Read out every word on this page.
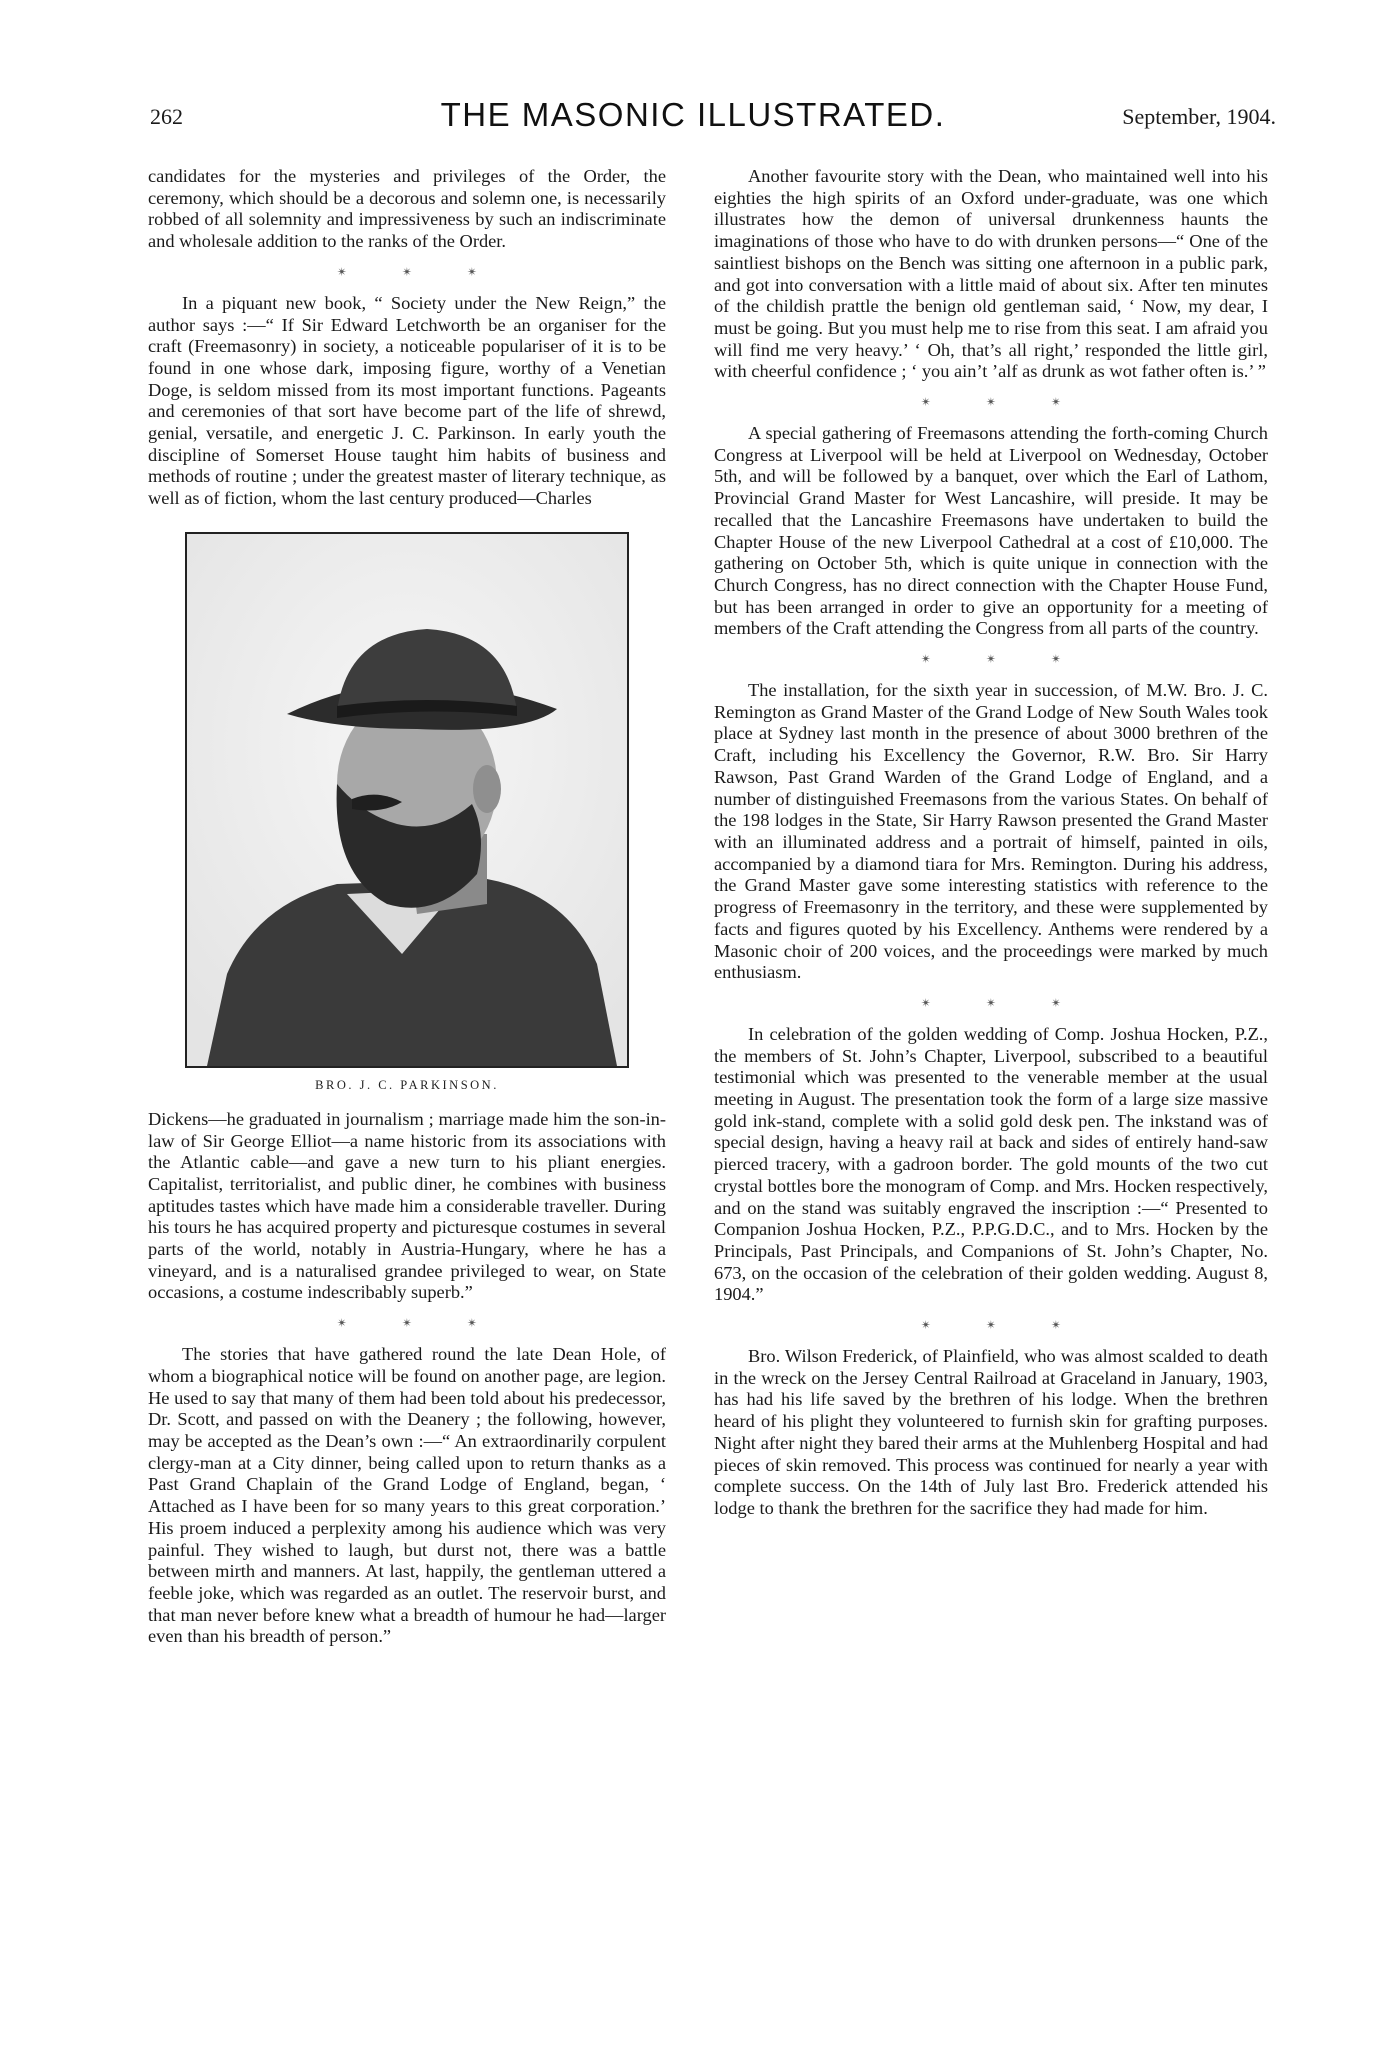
262	THE MASONIC ILLUSTRATED.	September, 1904.

candidates for the mysteries and privileges of the Order, the ceremony, which should be a decorous and solemn one, is necessarily robbed of all solemnity and impressiveness by such an indiscriminate and wholesale addition to the ranks of the Order.

✴ ✴ ✴

In a piquant new book, “ Society under the New Reign,” the author says :—“ If Sir Edward Letchworth be an organiser for the craft (Freemasonry) in society, a noticeable populariser of it is to be found in one whose dark, imposing figure, worthy of a Venetian Doge, is seldom missed from its most important functions. Pageants and ceremonies of that sort have become part of the life of shrewd, genial, versatile, and energetic J. C. Parkinson. In early youth the discipline of Somerset House taught him habits of business and methods of routine ; under the greatest master of literary technique, as well as of fiction, whom the last century produced—Charles

BRO. J. C. PARKINSON.

Dickens—he graduated in journalism ; marriage made him the son-in-law of Sir George Elliot—a name historic from its associations with the Atlantic cable—and gave a new turn to his pliant energies. Capitalist, territorialist, and public diner, he combines with business aptitudes tastes which have made him a considerable traveller. During his tours he has acquired property and picturesque costumes in several parts of the world, notably in Austria-Hungary, where he has a vineyard, and is a naturalised grandee privileged to wear, on State occasions, a costume indescribably superb.”

✴ ✴ ✴

The stories that have gathered round the late Dean Hole, of whom a biographical notice will be found on another page, are legion. He used to say that many of them had been told about his predecessor, Dr. Scott, and passed on with the Deanery ; the following, however, may be accepted as the Dean’s own :—“ An extraordinarily corpulent clergy-man at a City dinner, being called upon to return thanks as a Past Grand Chaplain of the Grand Lodge of England, began, ‘ Attached as I have been for so many years to this great corporation.’ His proem induced a perplexity among his audience which was very painful. They wished to laugh, but durst not, there was a battle between mirth and manners. At last, happily, the gentleman uttered a feeble joke, which was regarded as an outlet. The reservoir burst, and that man never before knew what a breadth of humour he had—larger even than his breadth of person.”

Another favourite story with the Dean, who maintained well into his eighties the high spirits of an Oxford under-graduate, was one which illustrates how the demon of universal drunkenness haunts the imaginations of those who have to do with drunken persons—“ One of the saintliest bishops on the Bench was sitting one afternoon in a public park, and got into conversation with a little maid of about six. After ten minutes of the childish prattle the benign old gentleman said, ‘ Now, my dear, I must be going. But you must help me to rise from this seat. I am afraid you will find me very heavy.’ ‘ Oh, that’s all right,’ responded the little girl, with cheerful confidence ; ‘ you ain’t ’alf as drunk as wot father often is.’ ”

✴ ✴ ✴

A special gathering of Freemasons attending the forth-coming Church Congress at Liverpool will be held at Liverpool on Wednesday, October 5th, and will be followed by a banquet, over which the Earl of Lathom, Provincial Grand Master for West Lancashire, will preside. It may be recalled that the Lancashire Freemasons have undertaken to build the Chapter House of the new Liverpool Cathedral at a cost of £10,000. The gathering on October 5th, which is quite unique in connection with the Church Congress, has no direct connection with the Chapter House Fund, but has been arranged in order to give an opportunity for a meeting of members of the Craft attending the Congress from all parts of the country.

✴ ✴ ✴

The installation, for the sixth year in succession, of M.W. Bro. J. C. Remington as Grand Master of the Grand Lodge of New South Wales took place at Sydney last month in the presence of about 3000 brethren of the Craft, including his Excellency the Governor, R.W. Bro. Sir Harry Rawson, Past Grand Warden of the Grand Lodge of England, and a number of distinguished Freemasons from the various States. On behalf of the 198 lodges in the State, Sir Harry Rawson presented the Grand Master with an illuminated address and a portrait of himself, painted in oils, accompanied by a diamond tiara for Mrs. Remington. During his address, the Grand Master gave some interesting statistics with reference to the progress of Freemasonry in the territory, and these were supplemented by facts and figures quoted by his Excellency. Anthems were rendered by a Masonic choir of 200 voices, and the proceedings were marked by much enthusiasm.

✴ ✴ ✴

In celebration of the golden wedding of Comp. Joshua Hocken, P.Z., the members of St. John’s Chapter, Liverpool, subscribed to a beautiful testimonial which was presented to the venerable member at the usual meeting in August. The presentation took the form of a large size massive gold ink-stand, complete with a solid gold desk pen. The inkstand was of special design, having a heavy rail at back and sides of entirely hand-saw pierced tracery, with a gadroon border. The gold mounts of the two cut crystal bottles bore the monogram of Comp. and Mrs. Hocken respectively, and on the stand was suitably engraved the inscription :—“ Presented to Companion Joshua Hocken, P.Z., P.P.G.D.C., and to Mrs. Hocken by the Principals, Past Principals, and Companions of St. John’s Chapter, No. 673, on the occasion of the celebration of their golden wedding. August 8, 1904.”

✴ ✴ ✴

Bro. Wilson Frederick, of Plainfield, who was almost scalded to death in the wreck on the Jersey Central Railroad at Graceland in January, 1903, has had his life saved by the brethren of his lodge. When the brethren heard of his plight they volunteered to furnish skin for grafting purposes. Night after night they bared their arms at the Muhlenberg Hospital and had pieces of skin removed. This process was continued for nearly a year with complete success. On the 14th of July last Bro. Frederick attended his lodge to thank the brethren for the sacrifice they had made for him.
